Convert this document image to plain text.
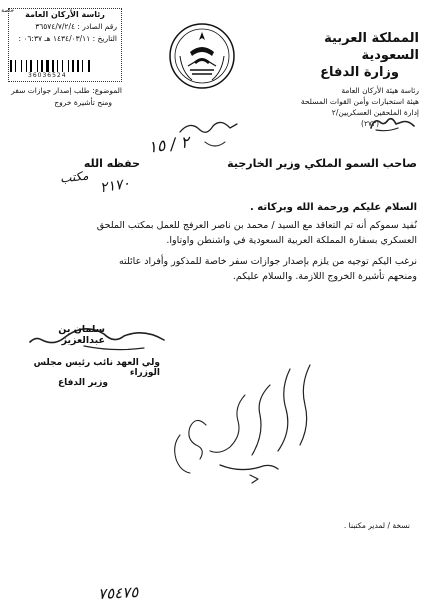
خاصة
المملكة العربية السعودية
وزارة الدفاع
رئاسة هيئة الأركان العامة
هيئة استخبارات وأمن القوات المسلحة
إدارة الملحقين العسكريين/٢
(٢٧٣)
رئاسة الأركان العامة
رقم الصادر : ٣٦٥٧٤/٧/٢/٤
التاريخ : ١٤٣٤/٠٣/١١ هـ ٠٦:٣٧ :
36036524
الموضوع: طلب إصدار جوازات سفر
ومنح تأشيرة خروج
٢ / ١٥
صاحب السمو الملكي وزير الخارجية
حفظه الله
مكتب ٢١٧٠
السلام عليكم ورحمة الله وبركاته .
نُفيد سموكم أنه تم التعاقد مع السيد / محمد بن ناصر العرفج للعمل بمكتب الملحق
العسكري بسفارة المملكة العربية السعودية في واشنطن واوتاوا.
نرغب اليكم توجيه من يلزم بإصدار جوازات سفر خاصة للمذكور وأفراد عائلته
ومنحهم تأشيرة الخروج اللازمة. والسلام عليكم.
سلمان بن عبدالعزيز
ولي العهد نائب رئيس مجلس الوزراء
وزير الدفاع
نسخة / لمدير مكتبنا .
٧٥٤٧٥
